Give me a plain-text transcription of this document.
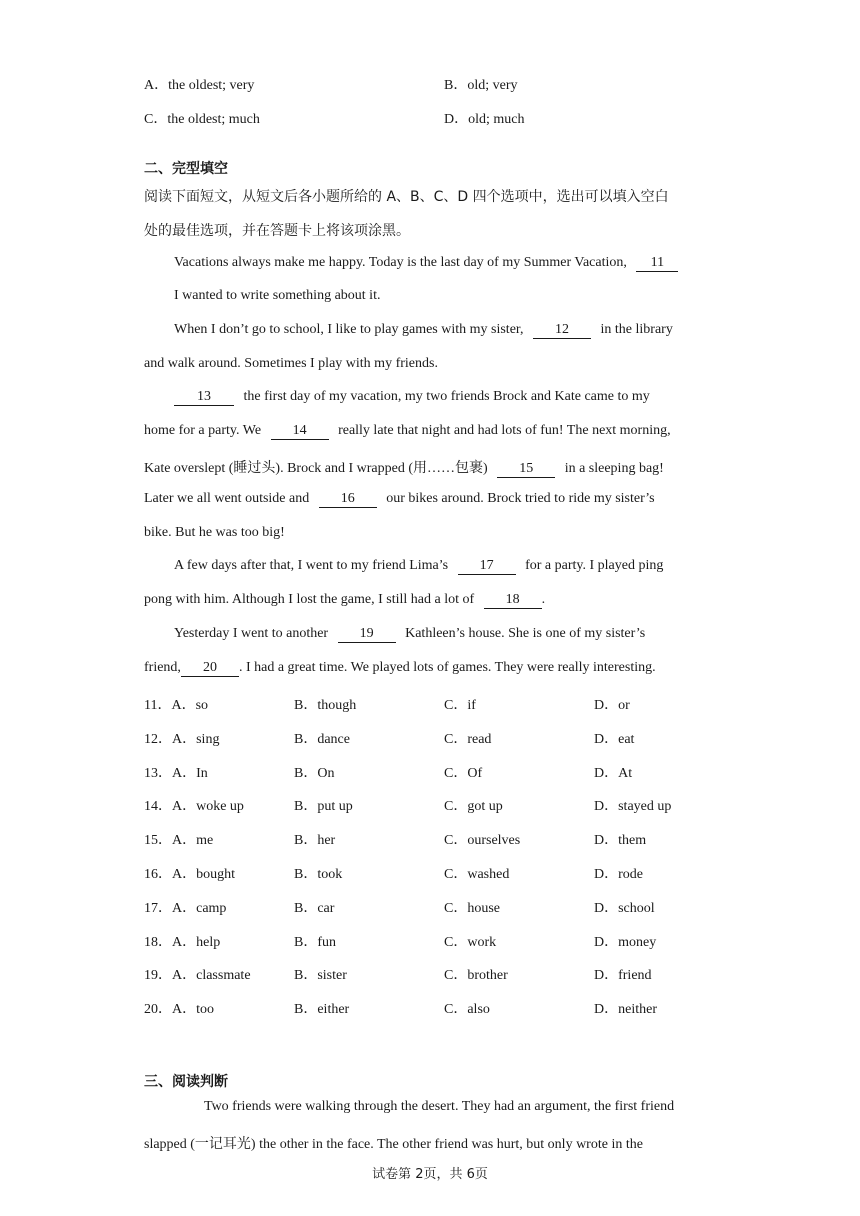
A．the oldest; very	B．old; very
C．the oldest; much	D．old; much
二、完型填空
阅读下面短文，从短文后各小题所给的 A、B、C、D 四个选项中，选出可以填入空白
处的最佳选项，并在答题卡上将该项涂黑。
Vacations always make me happy. Today is the last day of my Summer Vacation, 11
I wanted to write something about it.
When I don’t go to school, I like to play games with my sister, 12 in the library
and walk around. Sometimes I play with my friends.
13 the first day of my vacation, my two friends Brock and Kate came to my
home for a party. We 14 really late that night and had lots of fun! The next morning,
Kate overslept (睡过头). Brock and I wrapped (用……包裹) 15 in a sleeping bag!
Later we all went outside and 16 our bikes around. Brock tried to ride my sister’s
bike. But he was too big!
A few days after that, I went to my friend Lima’s 17 for a party. I played ping
pong with him. Although I lost the game, I still had a lot of 18 .
Yesterday I went to another 19 Kathleen’s house. She is one of my sister’s
friend, 20 . I had a great time. We played lots of games. They were really interesting.
11．A．so	B．though	C．if	D．or
12．A．sing	B．dance	C．read	D．eat
13．A．In	B．On	C．Of	D．At
14．A．woke up	B．put up	C．got up	D．stayed up
15．A．me	B．her	C．ourselves	D．them
16．A．bought	B．took	C．washed	D．rode
17．A．camp	B．car	C．house	D．school
18．A．help	B．fun	C．work	D．money
19．A．classmate	B．sister	C．brother	D．friend
20．A．too	B．either	C．also	D．neither
三、阅读判断
Two friends were walking through the desert. They had an argument, the first friend
slapped (一记耳光) the other in the face. The other friend was hurt, but only wrote in the
试卷第 2页，共 6页
